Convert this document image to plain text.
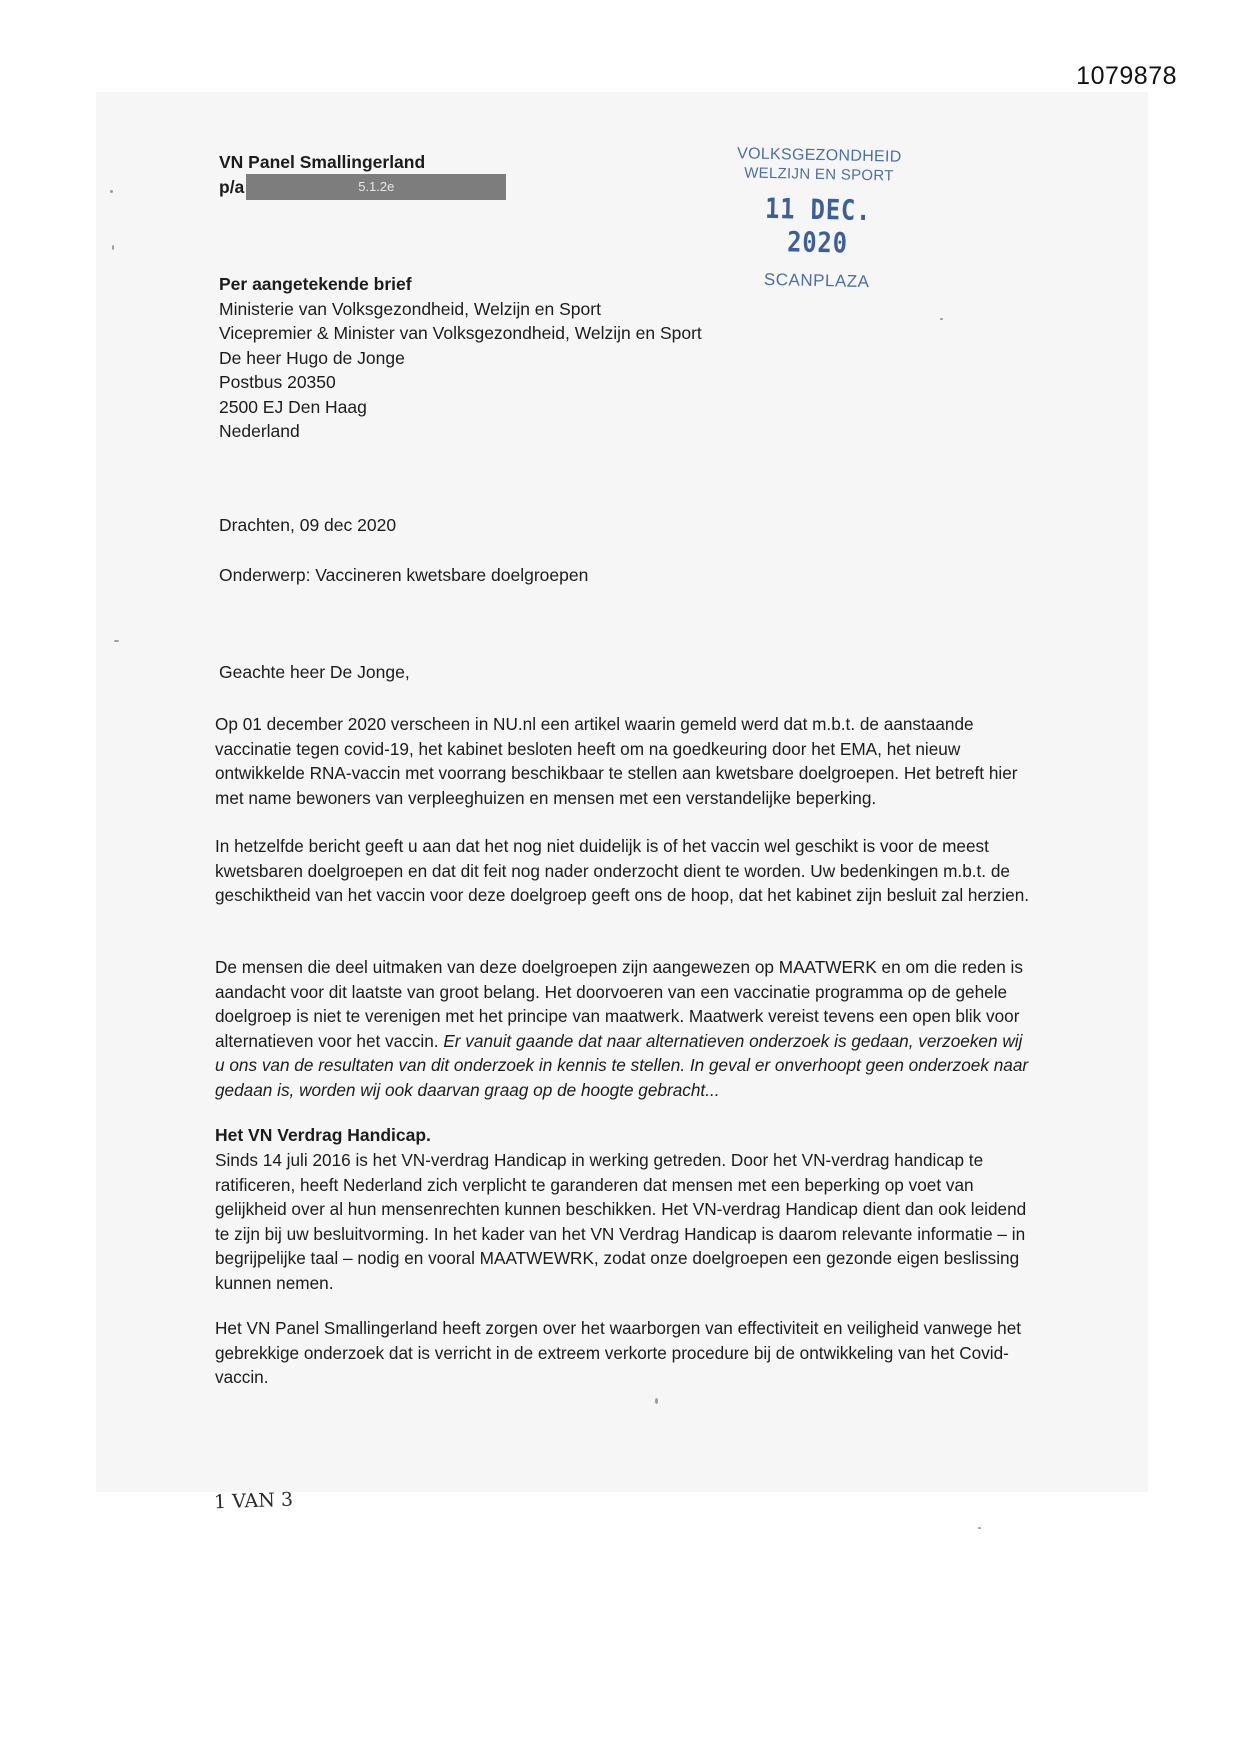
1079878
VN Panel Smallingerland
p/a	5.1.2e
VOLKSGEZONDHEID
WELZIJN EN SPORT
11 DEC. 2020
SCANPLAZA
Per aangetekende brief
Ministerie van Volksgezondheid, Welzijn en Sport
Vicepremier & Minister van Volksgezondheid, Welzijn en Sport
De heer Hugo de Jonge
Postbus 20350
2500 EJ Den Haag
Nederland
Drachten, 09 dec 2020
Onderwerp: Vaccineren kwetsbare doelgroepen
Geachte heer De Jonge,

Op 01 december 2020 verscheen in NU.nl een artikel waarin gemeld werd dat m.b.t. de aanstaande vaccinatie tegen covid-19, het kabinet besloten heeft om na goedkeuring door het EMA, het nieuw ontwikkelde RNA-vaccin met voorrang beschikbaar te stellen aan kwetsbare doelgroepen. Het betreft hier met name bewoners van verpleeghuizen en mensen met een verstandelijke beperking.

In hetzelfde bericht geeft u aan dat het nog niet duidelijk is of het vaccin wel geschikt is voor de meest kwetsbaren doelgroepen en dat dit feit nog nader onderzocht dient te worden. Uw bedenkingen m.b.t. de geschiktheid van het vaccin voor deze doelgroep geeft ons de hoop, dat het kabinet zijn besluit zal herzien.

De mensen die deel uitmaken van deze doelgroepen zijn aangewezen op MAATWERK en om die reden is aandacht voor dit laatste van groot belang. Het doorvoeren van een vaccinatie programma op de gehele doelgroep is niet te verenigen met het principe van maatwerk. Maatwerk vereist tevens een open blik voor alternatieven voor het vaccin. Er vanuit gaande dat naar alternatieven onderzoek is gedaan, verzoeken wij u ons van de resultaten van dit onderzoek in kennis te stellen. In geval er onverhoopt geen onderzoek naar gedaan is, worden wij ook daarvan graag op de hoogte gebracht...

Het VN Verdrag Handicap.

Sinds 14 juli 2016 is het VN-verdrag Handicap in werking getreden. Door het VN-verdrag handicap te ratificeren, heeft Nederland zich verplicht te garanderen dat mensen met een beperking op voet van gelijkheid over al hun mensenrechten kunnen beschikken. Het VN-verdrag Handicap dient dan ook leidend te zijn bij uw besluitvorming. In het kader van het VN Verdrag Handicap is daarom relevante informatie – in begrijpelijke taal – nodig en vooral MAATWEWRK, zodat onze doelgroepen een gezonde eigen beslissing kunnen nemen.

Het VN Panel Smallingerland heeft zorgen over het waarborgen van effectiviteit en veiligheid vanwege het gebrekkige onderzoek dat is verricht in de extreem verkorte procedure bij de ontwikkeling van het Covid-vaccin.

1 VAN 3
